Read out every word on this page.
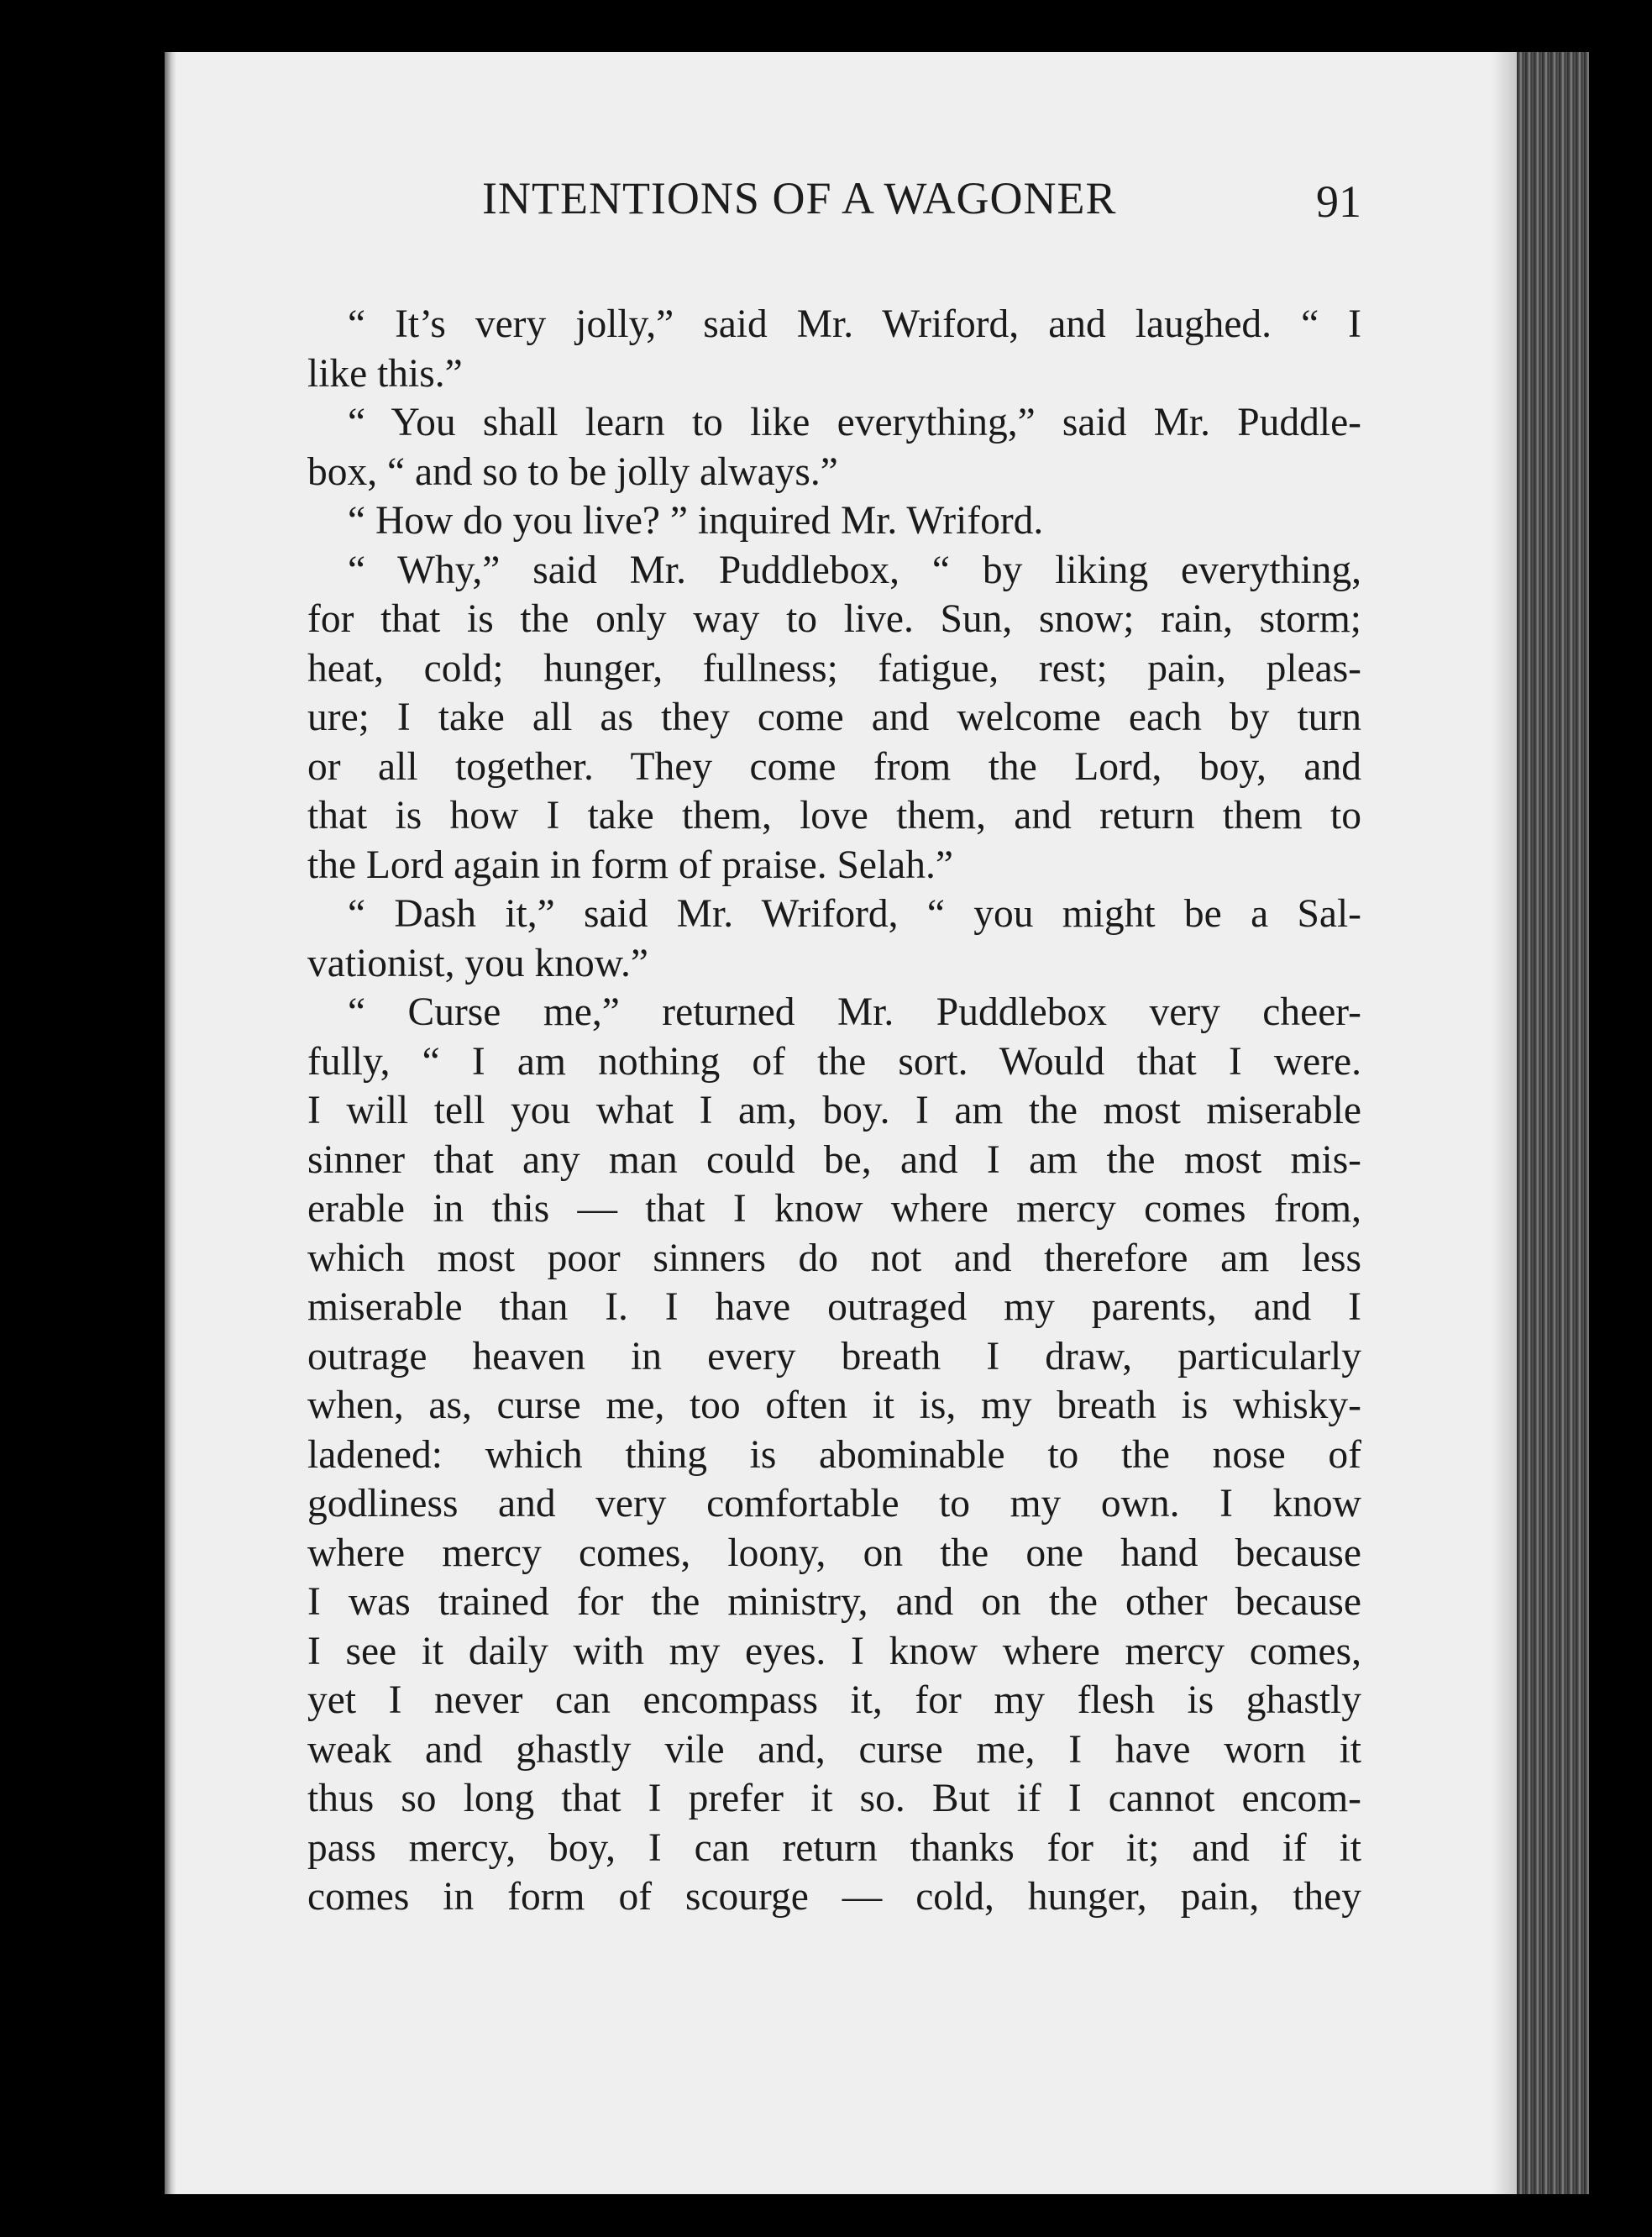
INTENTIONS OF A WAGONER	91
“ It’s very jolly,” said Mr. Wriford, and laughed. “ I
like this.”
“ You shall learn to like everything,” said Mr. Puddle-
box, “ and so to be jolly always.”
“ How do you live? ” inquired Mr. Wriford.
“ Why,” said Mr. Puddlebox, “ by liking everything,
for that is the only way to live. Sun, snow; rain, storm;
heat, cold; hunger, fullness; fatigue, rest; pain, pleas-
ure; I take all as they come and welcome each by turn
or all together. They come from the Lord, boy, and
that is how I take them, love them, and return them to
the Lord again in form of praise. Selah.”
“ Dash it,” said Mr. Wriford, “ you might be a Sal-
vationist, you know.”
“ Curse me,” returned Mr. Puddlebox very cheer-
fully, “ I am nothing of the sort. Would that I were.
I will tell you what I am, boy. I am the most miserable
sinner that any man could be, and I am the most mis-
erable in this — that I know where mercy comes from,
which most poor sinners do not and therefore am less
miserable than I. I have outraged my parents, and I
outrage heaven in every breath I draw, particularly
when, as, curse me, too often it is, my breath is whisky-
ladened: which thing is abominable to the nose of
godliness and very comfortable to my own. I know
where mercy comes, loony, on the one hand because
I was trained for the ministry, and on the other because
I see it daily with my eyes. I know where mercy comes,
yet I never can encompass it, for my flesh is ghastly
weak and ghastly vile and, curse me, I have worn it
thus so long that I prefer it so. But if I cannot encom-
pass mercy, boy, I can return thanks for it; and if it
comes in form of scourge — cold, hunger, pain, they
